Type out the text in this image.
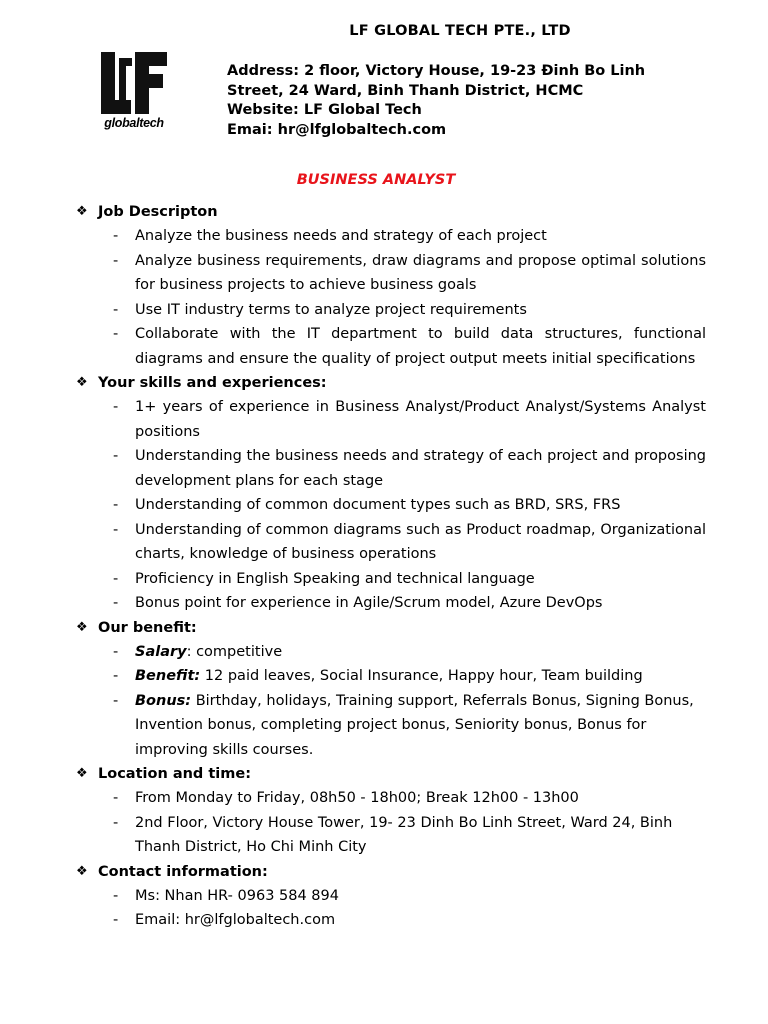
LF GLOBAL TECH PTE., LTD
globaltech
Address: 2 floor, Victory House, 19-23 Đinh Bo Linh
Street, 24 Ward, Binh Thanh District, HCMC
Website: LF Global Tech
Emai: hr@lfglobaltech.com
BUSINESS ANALYST
❖ Job Descripton
- Analyze the business needs and strategy of each project
- Analyze business requirements, draw diagrams and propose optimal solutions for business projects to achieve business goals
- Use IT industry terms to analyze project requirements
- Collaborate with the IT department to build data structures, functional diagrams and ensure the quality of project output meets initial specifications
❖ Your skills and experiences:
- 1+ years of experience in Business Analyst/Product Analyst/Systems Analyst positions
- Understanding the business needs and strategy of each project and proposing development plans for each stage
- Understanding of common document types such as BRD, SRS, FRS
- Understanding of common diagrams such as Product roadmap, Organizational charts, knowledge of business operations
- Proficiency in English Speaking and technical language
- Bonus point for experience in Agile/Scrum model, Azure DevOps
❖ Our benefit:
- Salary: competitive
- Benefit: 12 paid leaves, Social Insurance, Happy hour, Team building
- Bonus: Birthday, holidays, Training support, Referrals Bonus, Signing Bonus, Invention bonus, completing project bonus, Seniority bonus, Bonus for improving skills courses.
❖ Location and time:
- From Monday to Friday, 08h50 - 18h00; Break 12h00 - 13h00
- 2nd Floor, Victory House Tower, 19- 23 Dinh Bo Linh Street, Ward 24, Binh Thanh District, Ho Chi Minh City
❖ Contact information:
- Ms: Nhan HR- 0963 584 894
- Email: hr@lfglobaltech.com
